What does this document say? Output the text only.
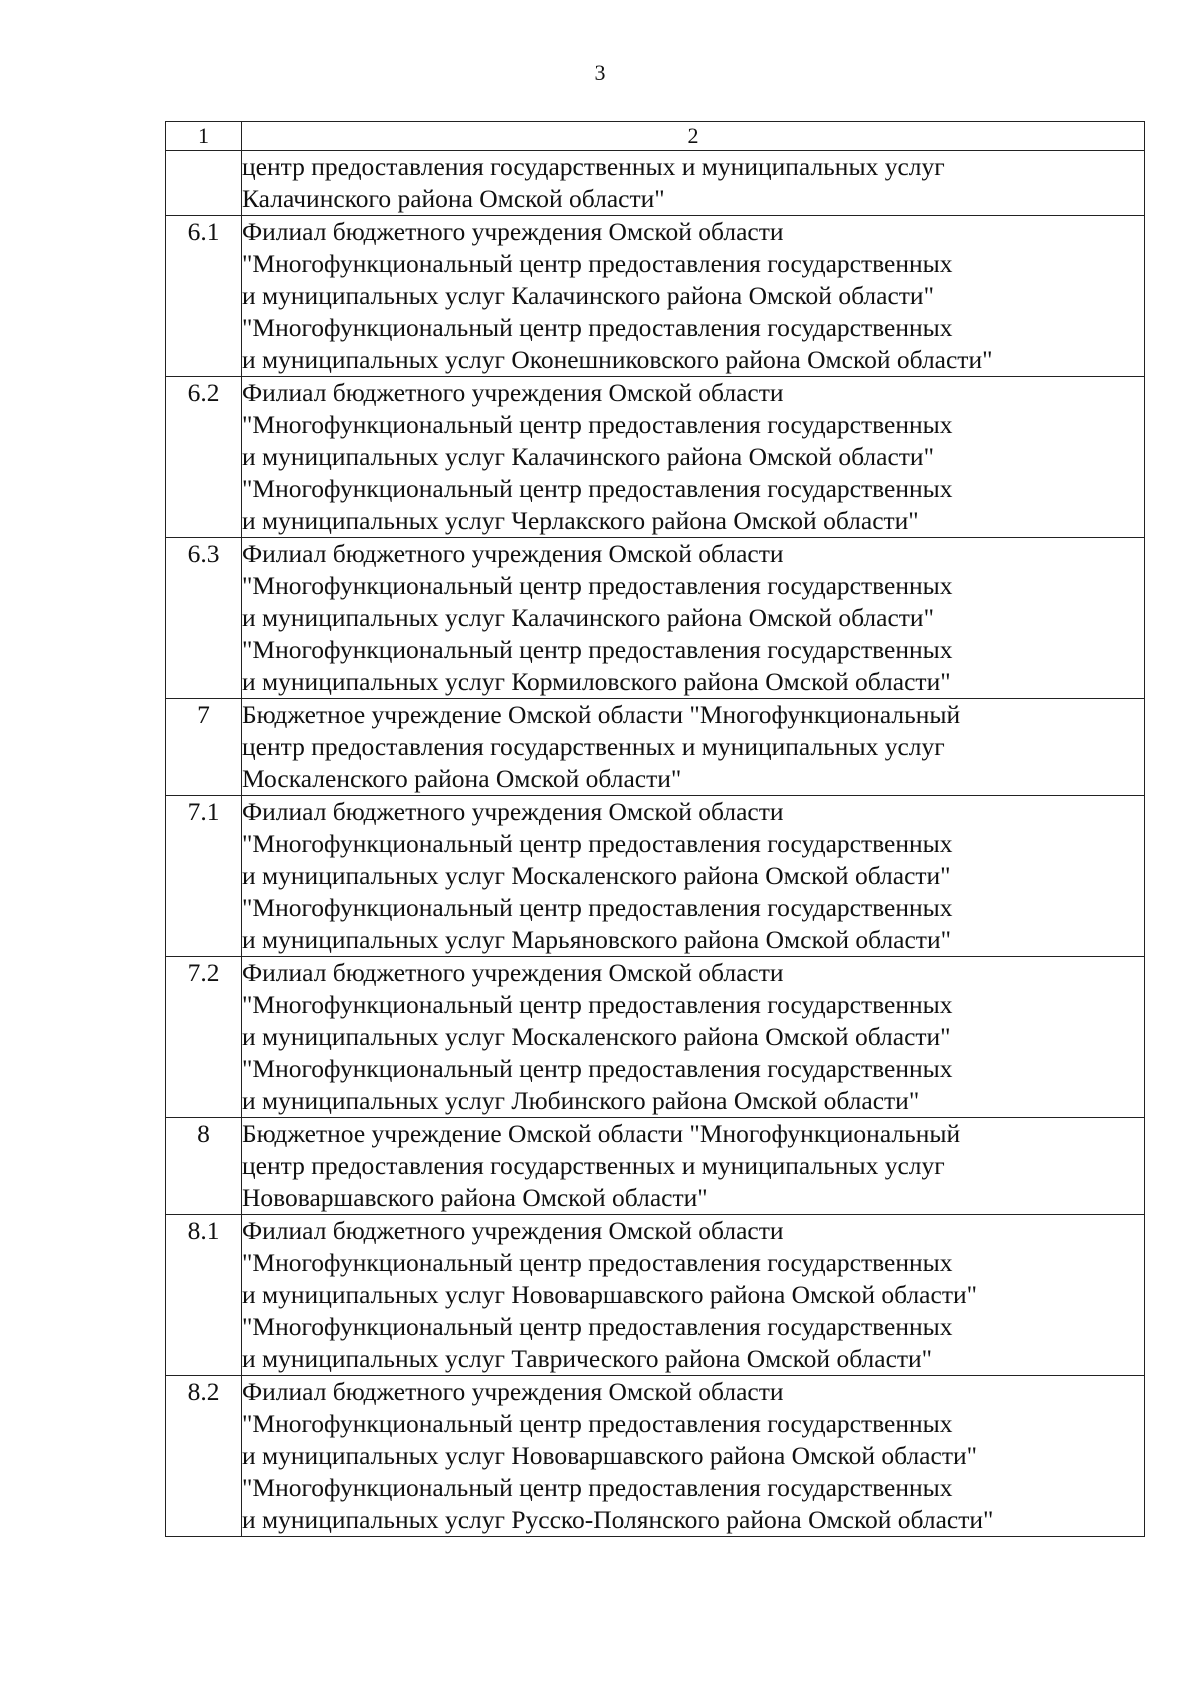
3
1	2

	центр предоставления государственных и муниципальных услуг
Калачинского района Омской области"

6.1	Филиал бюджетного учреждения Омской области
"Многофункциональный центр предоставления государственных
и муниципальных услуг Калачинского района Омской области"
"Многофункциональный центр предоставления государственных
и муниципальных услуг Оконешниковского района Омской области"

6.2	Филиал бюджетного учреждения Омской области
"Многофункциональный центр предоставления государственных
и муниципальных услуг Калачинского района Омской области"
"Многофункциональный центр предоставления государственных
и муниципальных услуг Черлакского района Омской области"

6.3	Филиал бюджетного учреждения Омской области
"Многофункциональный центр предоставления государственных
и муниципальных услуг Калачинского района Омской области"
"Многофункциональный центр предоставления государственных
и муниципальных услуг Кормиловского района Омской области"

7	Бюджетное учреждение Омской области "Многофункциональный
центр предоставления государственных и муниципальных услуг
Москаленского района Омской области"

7.1	Филиал бюджетного учреждения Омской области
"Многофункциональный центр предоставления государственных
и муниципальных услуг Москаленского района Омской области"
"Многофункциональный центр предоставления государственных
и муниципальных услуг Марьяновского района Омской области"

7.2	Филиал бюджетного учреждения Омской области
"Многофункциональный центр предоставления государственных
и муниципальных услуг Москаленского района Омской области"
"Многофункциональный центр предоставления государственных
и муниципальных услуг Любинского района Омской области"

8	Бюджетное учреждение Омской области "Многофункциональный
центр предоставления государственных и муниципальных услуг
Нововаршавского района Омской области"

8.1	Филиал бюджетного учреждения Омской области
"Многофункциональный центр предоставления государственных
и муниципальных услуг Нововаршавского района Омской области"
"Многофункциональный центр предоставления государственных
и муниципальных услуг Таврического района Омской области"

8.2	Филиал бюджетного учреждения Омской области
"Многофункциональный центр предоставления государственных
и муниципальных услуг Нововаршавского района Омской области"
"Многофункциональный центр предоставления государственных
и муниципальных услуг Русско-Полянского района Омской области"
